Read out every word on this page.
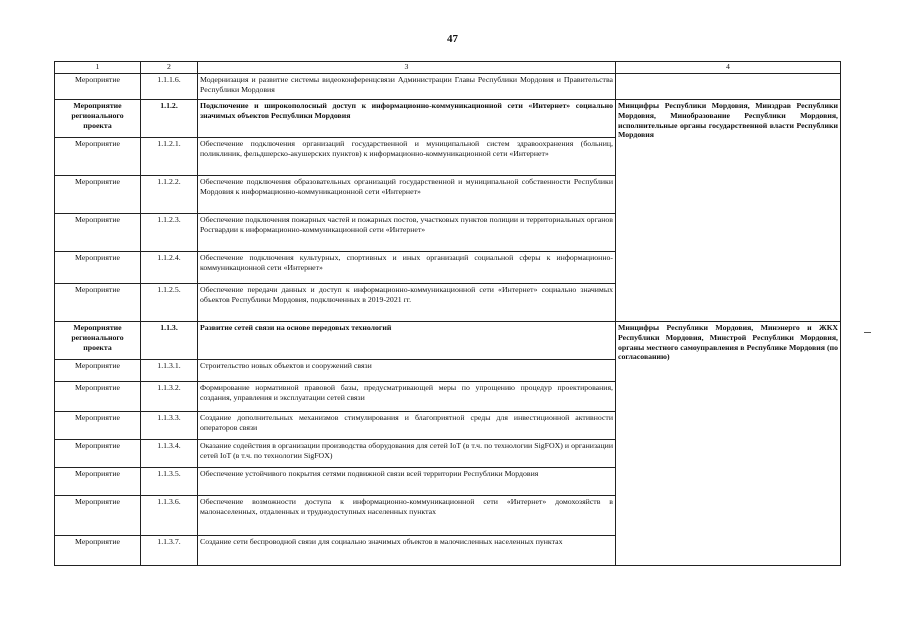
47
1	2	3	4
Мероприятие	1.1.1.6.	Модернизация и развитие системы видеоконференцсвязи Администрации Главы Республики Мордовия и Правительства Республики Мордовия	
Мероприятие регионального проекта	1.1.2.	Подключение и широкополосный доступ к информационно-коммуникационной сети «Интернет» социально значимых объектов Республики Мордовия	Минцифры Республики Мордовия, Минздрав Республики Мордовия, Минобразование Республики Мордовия, исполнительные органы государственной власти Республики Мордовия
Мероприятие	1.1.2.1.	Обеспечение подключения организаций государственной и муниципальной систем здравоохранения (больниц, поликлиник, фельдшерско-акушерских пунктов) к информационно-коммуникационной сети «Интернет»	
Мероприятие	1.1.2.2.	Обеспечение подключения образовательных организаций государственной и муниципальной собственности Республики Мордовия к информационно-коммуникационной сети «Интернет»	
Мероприятие	1.1.2.3.	Обеспечение подключения пожарных частей и пожарных постов, участковых пунктов полиции и территориальных органов Росгвардии к информационно-коммуникационной сети «Интернет»	
Мероприятие	1.1.2.4.	Обеспечение подключения культурных, спортивных и иных организаций социальной сферы к информационно-коммуникационной сети «Интернет»	
Мероприятие	1.1.2.5.	Обеспечение передачи данных и доступ к информационно-коммуникационной сети «Интернет» социально значимых объектов Республики Мордовия, подключенных в 2019-2021 гг.	
Мероприятие регионального проекта	1.1.3.	Развитие сетей связи на основе передовых технологий	Минцифры Республики Мордовия, Минэнерго и ЖКХ Республики Мордовия, Минстрой Республики Мордовия, органы местного самоуправления в Республике Мордовия (по согласованию)
Мероприятие	1.1.3.1.	Строительство новых объектов и сооружений связи	
Мероприятие	1.1.3.2.	Формирование нормативной правовой базы, предусматривающей меры по упрощению процедур проектирования, создания, управления и эксплуатации сетей связи	
Мероприятие	1.1.3.3.	Создание дополнительных механизмов стимулирования и благоприятной среды для инвестиционной активности операторов связи	
Мероприятие	1.1.3.4.	Оказание содействия в организации производства оборудования для сетей IoT (в т.ч. по технологии SigFOX) и организации сетей IoT (в т.ч. по технологии SigFOX)	
Мероприятие	1.1.3.5.	Обеспечение устойчивого покрытия сетями подвижной связи всей территории Республики Мордовия	
Мероприятие	1.1.3.6.	Обеспечение возможности доступа к информационно-коммуникационной сети «Интернет» домохозяйств в малонаселенных, отдаленных и труднодоступных населенных пунктах	
Мероприятие	1.1.3.7.	Создание сети беспроводной связи для социально значимых объектов в малочисленных населенных пунктах	
